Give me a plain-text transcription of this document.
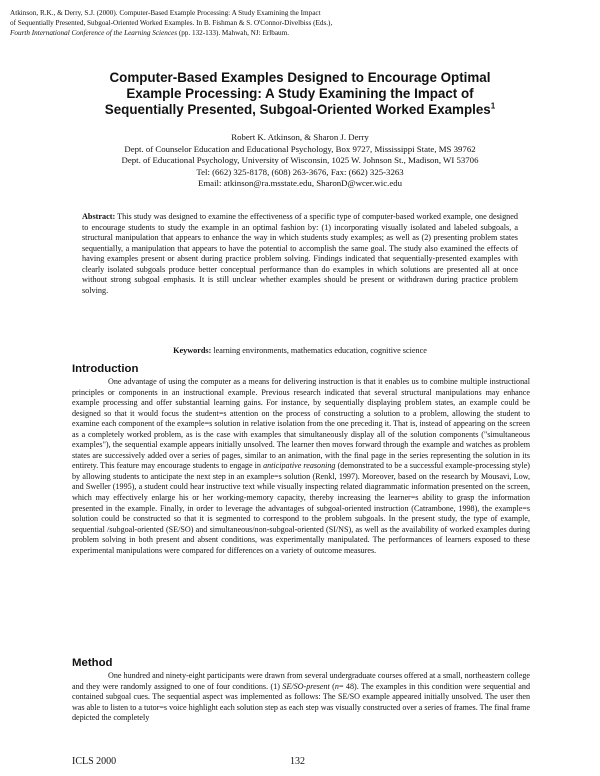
Atkinson, R.K., & Derry, S.J. (2000). Computer-Based Example Processing: A Study Examining the Impact
of Sequentially Presented, Subgoal-Oriented Worked Examples. In B. Fishman & S. O'Connor-Divelbiss (Eds.),
Fourth International Conference of the Learning Sciences (pp. 132-133). Mahwah, NJ: Erlbaum.
Computer-Based Examples Designed to Encourage Optimal
Example Processing: A Study Examining the Impact of
Sequentially Presented, Subgoal-Oriented Worked Examples$^1$
Robert K. Atkinson, & Sharon J. Derry
Dept. of Counselor Education and Educational Psychology, Box 9727, Mississippi State, MS 39762
Dept. of Educational Psychology, University of Wisconsin, 1025 W. Johnson St., Madison, WI 53706
Tel: (662) 325-8178, (608) 263-3676, Fax: (662) 325-3263
Email: atkinson@ra.msstate.edu, SharonD@wcer.wic.edu
Abstract: This study was designed to examine the effectiveness of a specific type of computer-based worked example, one designed to encourage students to study the example in an optimal fashion by: (1) incorporating visually isolated and labeled subgoals, a structural manipulation that appears to enhance the way in which students study examples; as well as (2) presenting problem states sequentially, a manipulation that appears to have the potential to accomplish the same goal. The study also examined the effects of having examples present or absent during practice problem solving. Findings indicated that sequentially-presented examples with clearly isolated subgoals produce better conceptual performance than do examples in which solutions are presented all at once without strong subgoal emphasis. It is still unclear whether examples should be present or withdrawn during practice problem solving.
Keywords: learning environments, mathematics education, cognitive science
Introduction

One advantage of using the computer as a means for delivering instruction is that it enables us to combine multiple instructional principles or components in an instructional example. Previous research indicated that several structural manipulations may enhance example processing and offer substantial learning gains. For instance, by sequentially displaying problem states, an example could be designed so that it would focus the student=s attention on the process of constructing a solution to a problem, allowing the student to examine each component of the example=s solution in relative isolation from the one preceding it. That is, instead of appearing on the screen as a completely worked problem, as is the case with examples that simultaneously display all of the solution components ("simultaneous examples"), the sequential example appears initially unsolved. The learner then moves forward through the example and watches as problem states are successively added over a series of pages, similar to an animation, with the final page in the series representing the solution in its entirety. This feature may encourage students to engage in anticipative reasoning (demonstrated to be a successful example-processing style) by allowing students to anticipate the next step in an example=s solution (Renkl, 1997). Moreover, based on the research by Mousavi, Low, and Sweller (1995), a student could hear instructive text while visually inspecting related diagrammatic information presented on the screen, which may effectively enlarge his or her working-memory capacity, thereby increasing the learner=s ability to grasp the information presented in the example. Finally, in order to leverage the advantages of subgoal-oriented instruction (Catrambone, 1998), the example=s solution could be constructed so that it is segmented to correspond to the problem subgoals. In the present study, the type of example, sequential /subgoal-oriented (SE/SO) and simultaneous/non-subgoal-oriented (SI/NS), as well as the availability of worked examples during problem solving in both present and absent conditions, was experimentally manipulated. The performances of learners exposed to these experimental manipulations were compared for differences on a variety of outcome measures.

Method

One hundred and ninety-eight participants were drawn from several undergraduate courses offered at a small, northeastern college and they were randomly assigned to one of four conditions. (1) SE/SO-present (n= 48). The examples in this condition were sequential and contained subgoal cues. The sequential aspect was implemented as follows: The SE/SO example appeared initially unsolved. The user then was able to listen to a tutor=s voice highlight each solution step as each step was visually constructed over a series of frames. The final frame depicted the completely

ICLS 2000	132
